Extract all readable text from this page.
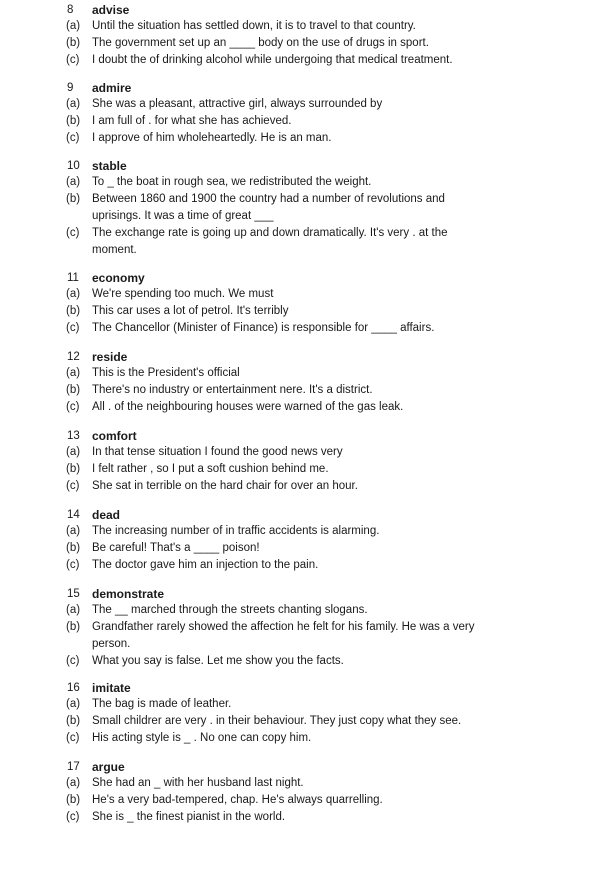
8 advise
(a) Until the situation has settled down, it is to travel to that country.
(b) The government set up an ____ body on the use of drugs in sport.
(c) I doubt the of drinking alcohol while undergoing that medical treatment.
9 admire
(a) She was a pleasant, attractive girl, always surrounded by
(b) I am full of . for what she has achieved.
(c) I approve of him wholeheartedly. He is an man.
10 stable
(a) To _ the boat in rough sea, we redistributed the weight.
(b) Between 1860 and 1900 the country had a number of revolutions and
uprisings. It was a time of great ___
(c) The exchange rate is going up and down dramatically. It's very . at the
moment.
11 economy
(a) We're spending too much. We must
(b) This car uses a lot of petrol. It's terribly
(c) The Chancellor (Minister of Finance) is responsible for ____ affairs.
12 reside
(a) This is the President's official
(b) There's no industry or entertainment nere. It's a district.
(c) All . of the neighbouring houses were warned of the gas leak.
13 comfort
(a) In that tense situation I found the good news very
(b) I felt rather , so I put a soft cushion behind me.
(c) She sat in terrible on the hard chair for over an hour.
14 dead
(a) The increasing number of in traffic accidents is alarming.
(b) Be careful! That's a ____ poison!
(c) The doctor gave him an injection to the pain.
15 demonstrate
(a) The __ marched through the streets chanting slogans.
(b) Grandfather rarely showed the affection he felt for his family. He was a very
person.
(c) What you say is false. Let me show you the facts.
16 imitate
(a) The bag is made of leather.
(b) Small childrer are very . in their behaviour. They just copy what they see.
(c) His acting style is _ . No one can copy him.
17 argue
(a) She had an _ with her husband last night.
(b) He's a very bad-tempered, chap. He's always quarrelling.
(c) She is _ the finest pianist in the world.
